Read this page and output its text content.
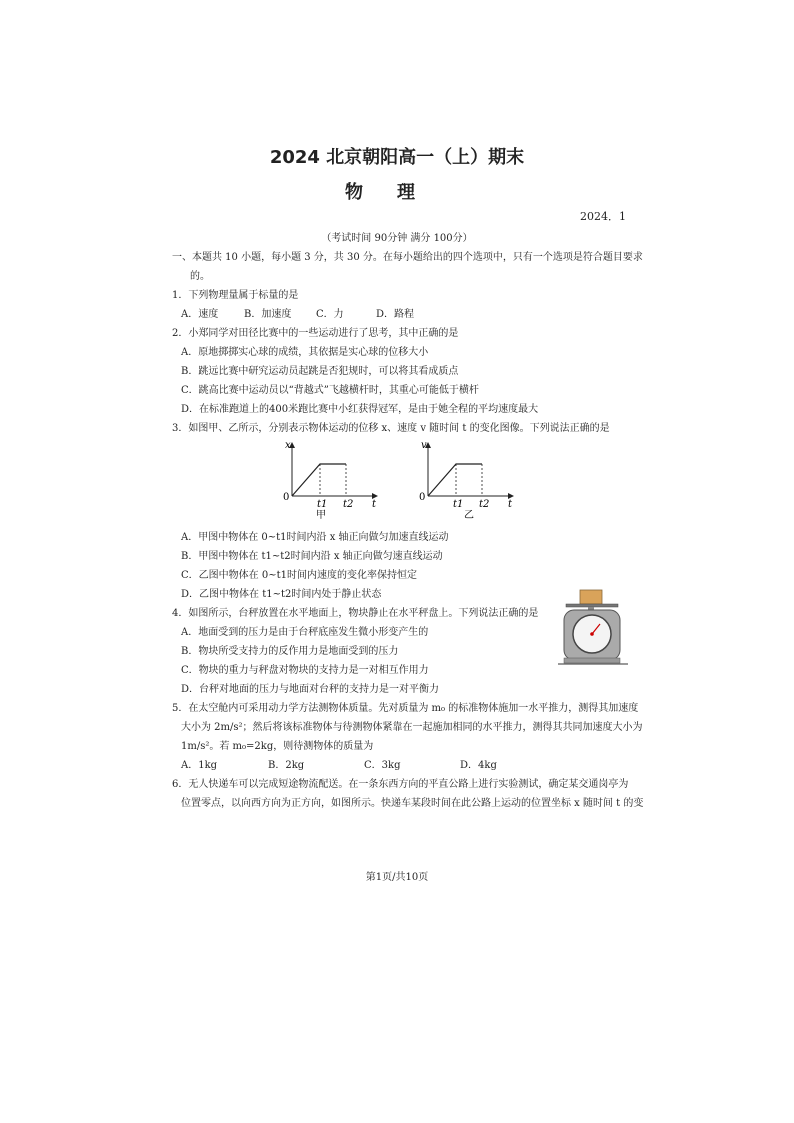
2024 北京朝阳高一（上）期末
物理
2024．1
（考试时间 90分钟 满分 100分）
一、本题共 10 小题，每小题 3 分，共 30 分。在每小题给出的四个选项中，只有一个选项是符合题目要求
的。
1．下列物理量属于标量的是
A．速度	B．加速度 C．力	D．路程
2．小郑同学对田径比赛中的一些运动进行了思考，其中正确的是
A．原地掷掷实心球的成绩，其依据是实心球的位移大小
B．跳远比赛中研究运动员起跳是否犯规时，可以将其看成质点
C．跳高比赛中运动员以“背越式”飞越横杆时，其重心可能低于横杆
D．在标准跑道上的400米跑比赛中小红获得冠军，是由于她全程的平均速度最大
3．如图甲、乙所示，分别表示物体运动的位移 x、速度 v 随时间 t 的变化图像。下列说法正确的是
x
0
t1 t2 t
甲
v
0
t1 t2 t
乙
A．甲图中物体在 0~t1时间内沿 x 轴正向做匀加速直线运动
B．甲图中物体在 t1~t2时间内沿 x 轴正向做匀速直线运动
C．乙图中物体在 0~t1时间内速度的变化率保持恒定
D．乙图中物体在 t1~t2时间内处于静止状态
4．如图所示，台秤放置在水平地面上，物块静止在水平秤盘上。下列说法正确的是
A．地面受到的压力是由于台秤底座发生微小形变产生的
B．物块所受支持力的反作用力是地面受到的压力
C．物块的重力与秤盘对物块的支持力是一对相互作用力
D．台秤对地面的压力与地面对台秤的支持力是一对平衡力
5．在太空舱内可采用动力学方法测物体质量。先对质量为 m₀ 的标准物体施加一水平推力，测得其加速度
大小为 2m/s²；然后将该标准物体与待测物体紧靠在一起施加相同的水平推力，测得其共同加速度大小为
1m/s²。若 m₀=2kg，则待测物体的质量为
A．1kg	B．2kg	C．3kg	D．4kg
6．无人快递车可以完成短途物流配送。在一条东西方向的平直公路上进行实验测试，确定某交通岗亭为
位置零点，以向西方向为正方向，如图所示。快递车某段时间在此公路上运动的位置坐标 x 随时间 t 的变
第1页/共10页
